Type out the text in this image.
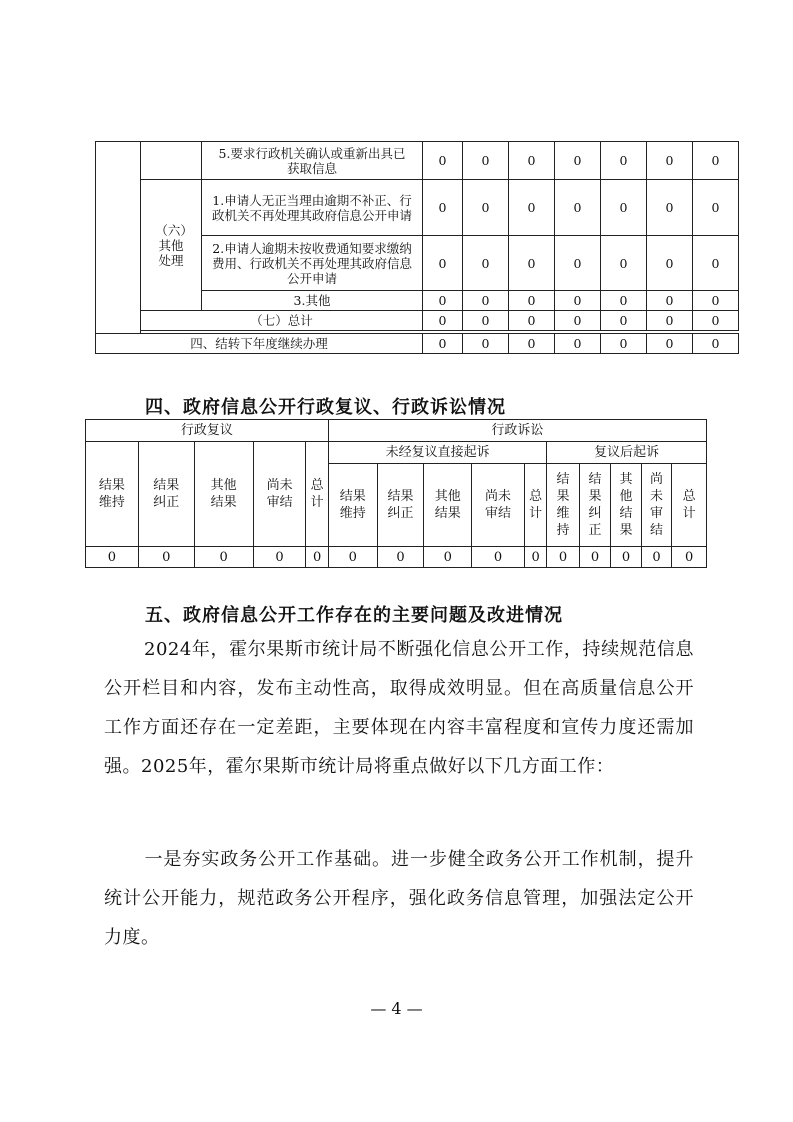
		5.要求行政机关确认或重新出具已获取信息	0	0	0	0	0	0	0
	（六）其他处理	1.申请人无正当理由逾期不补正、行政机关不再处理其政府信息公开申请	0	0	0	0	0	0	0
		2.申请人逾期未按收费通知要求缴纳费用、行政机关不再处理其政府信息公开申请	0	0	0	0	0	0	0
		3.其他	0	0	0	0	0	0	0
	（七）总计		0	0	0	0	0	0	0

四、结转下年度继续办理			0	0	0	0	0	0	0
四、政府信息公开行政复议、行政诉讼情况
行政复议					行政诉讼									
结果维持	结果纠正	其他结果	尚未审结	总计	未经复议直接起诉					复议后起诉				
					结果维持	结果纠正	其他结果	尚未审结	总计	结果维持	结果纠正	其他结果	尚未审结	总计
0	0	0	0	0	0	0	0	0	0	0	0	0	0	0
五、政府信息公开工作存在的主要问题及改进情况

2024年，霍尔果斯市统计局不断强化信息公开工作，持续规范信息公开栏目和内容，发布主动性高，取得成效明显。但在高质量信息公开工作方面还存在一定差距，主要体现在内容丰富程度和宣传力度还需加强。2025年，霍尔果斯市统计局将重点做好以下几方面工作：

一是夯实政务公开工作基础。进一步健全政务公开工作机制，提升统计公开能力，规范政务公开程序，强化政务信息管理，加强法定公开力度。

— 4 —
